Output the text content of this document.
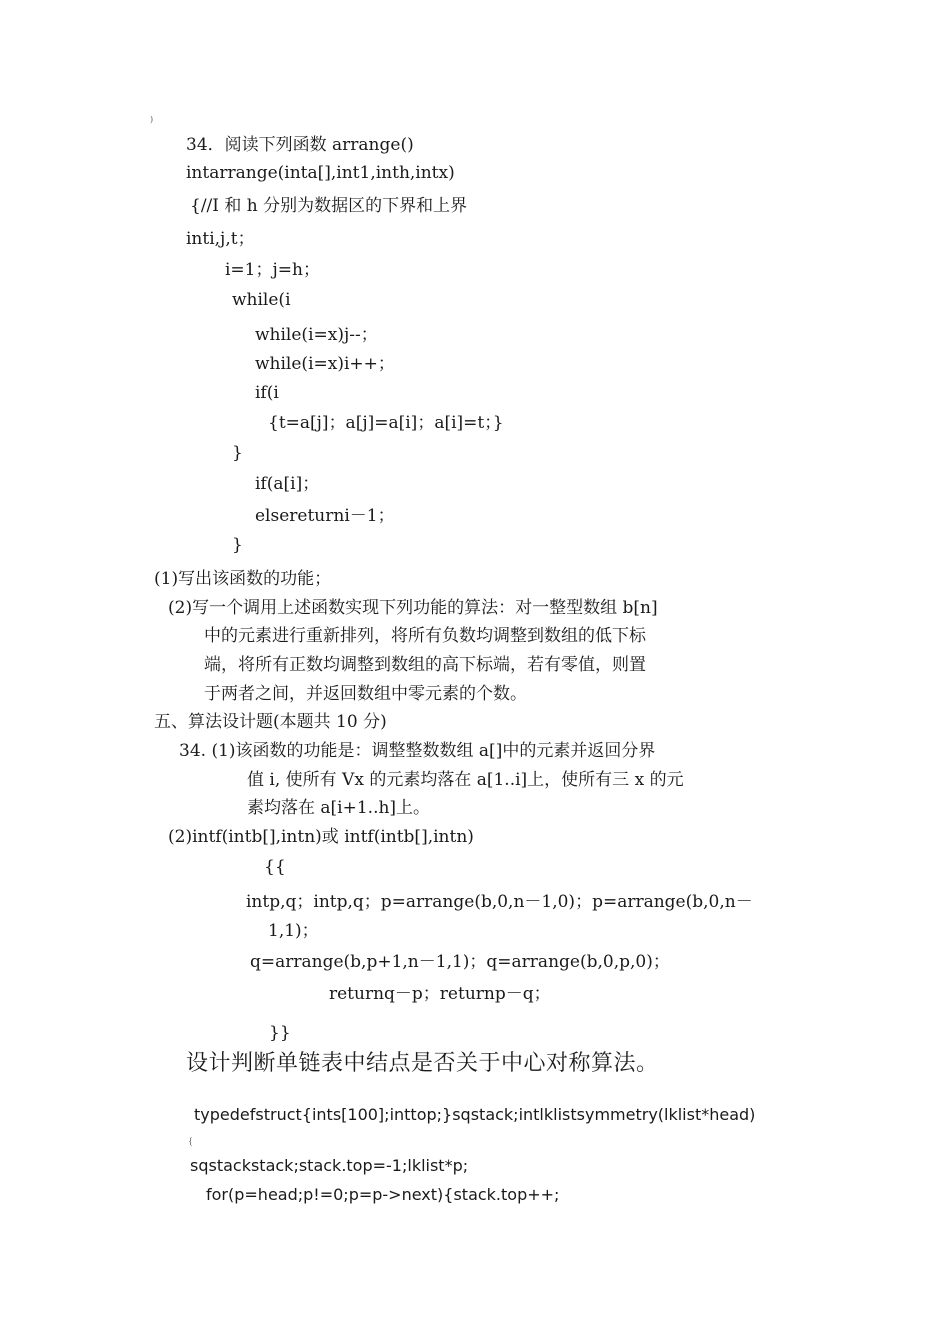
)
34．阅读下列函数 arrange()
intarrange(inta[],int1,inth,intx)
{//I 和 h 分别为数据区的下界和上界
inti,j,t；
i=1；j=h；
while(i
while(i=x)j--；
while(i=x)i++；
if(i
{t=a[j]；a[j]=a[i]；a[i]=t；}
}
if(a[i]；
elsereturni－1；
}
(1)写出该函数的功能；
(2)写一个调用上述函数实现下列功能的算法：对一整型数组 b[n]
中的元素进行重新排列，将所有负数均调整到数组的低下标
端，将所有正数均调整到数组的高下标端，若有零值，则置
于两者之间，并返回数组中零元素的个数。
五、算法设计题(本题共 10 分)
34. (1)该函数的功能是：调整整数数组 a[]中的元素并返回分界
值 i, 使所有 Vx 的元素均落在 a[1..i]上，使所有三 x 的元
素均落在 a[i+1..h]上。
(2)intf(intb[],intn)或 intf(intb[],intn)
{{
intp,q；intp,q；p=arrange(b,0,n－1,0)；p=arrange(b,0,n－
1,1)；
q=arrange(b,p+1,n－1,1)；q=arrange(b,0,p,0)；
returnq－p；returnp－q；
}}
设计判断单链表中结点是否关于中心对称算法。
typedefstruct{ints[100];inttop;}sqstack;intlklistsymmetry(lklist*head)
{
sqstackstack;stack.top=-1;lklist*p;
for(p=head;p!=0;p=p->next){stack.top++;
